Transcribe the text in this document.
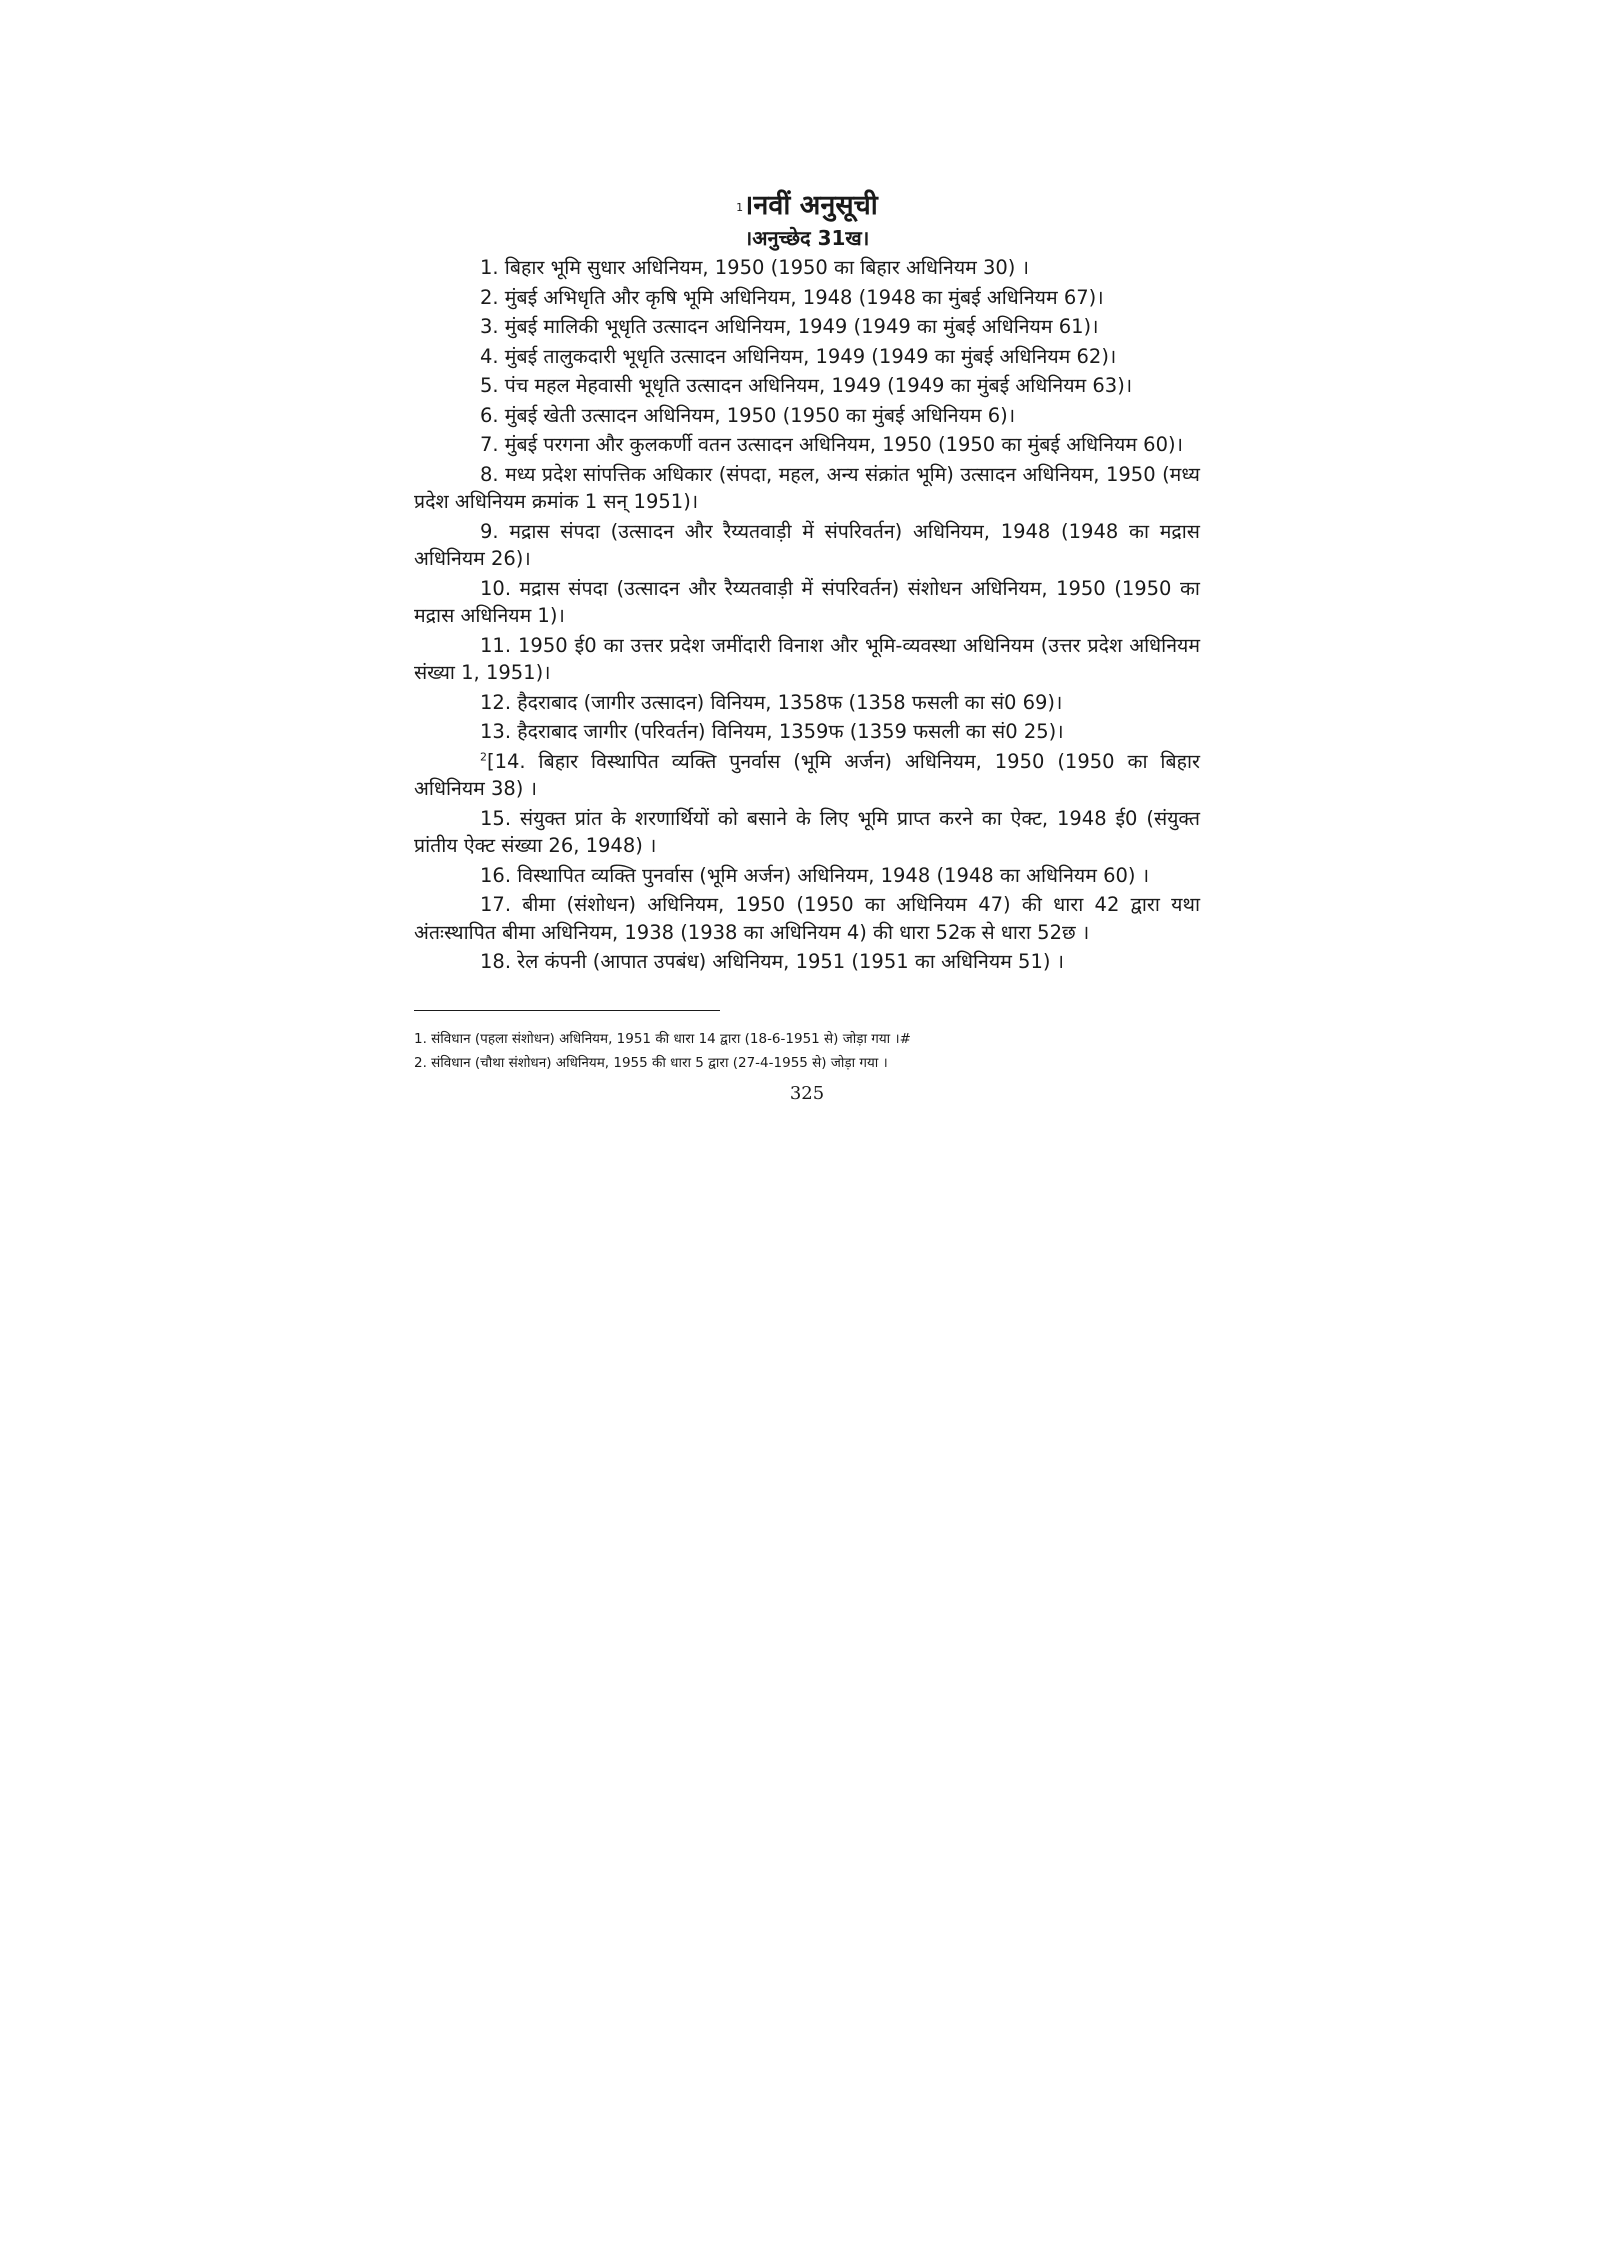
$^1$।नवीं अनुसूची
।अनुच्छेद 31ख।
1. बिहार भूमि सुधार अधिनियम, 1950 (1950 का बिहार अधिनियम 30) ।
2. मुंबई अभिधृति और कृषि भूमि अधिनियम, 1948 (1948 का मुंबई अधिनियम 67)।
3. मुंबई मालिकी भूधृति उत्सादन अधिनियम, 1949 (1949 का मुंबई अधिनियम 61)।
4. मुंबई तालुकदारी भूधृति उत्सादन अधिनियम, 1949 (1949 का मुंबई अधिनियम 62)।
5. पंच महल मेहवासी भूधृति उत्सादन अधिनियम, 1949 (1949 का मुंबई अधिनियम 63)।
6. मुंबई खेती उत्सादन अधिनियम, 1950 (1950 का मुंबई अधिनियम 6)।
7. मुंबई परगना और कुलकर्णी वतन उत्सादन अधिनियम, 1950 (1950 का मुंबई अधिनियम 60)।
8. मध्य प्रदेश सांपत्तिक अधिकार (संपदा, महल, अन्य संक्रांत भूमि) उत्सादन अधिनियम, 1950 (मध्य प्रदेश अधिनियम क्रमांक 1 सन् 1951)।
9. मद्रास संपदा (उत्सादन और रैय्यतवाड़ी में संपरिवर्तन) अधिनियम, 1948 (1948 का मद्रास अधिनियम 26)।
10. मद्रास संपदा (उत्सादन और रैय्यतवाड़ी में संपरिवर्तन) संशोधन अधिनियम, 1950 (1950 का मद्रास अधिनियम 1)।
11. 1950 ई0 का उत्तर प्रदेश जमींदारी विनाश और भूमि-व्यवस्था अधिनियम (उत्तर प्रदेश अधिनियम संख्या 1, 1951)।
12. हैदराबाद (जागीर उत्सादन) विनियम, 1358फ (1358 फसली का सं0 69)।
13. हैदराबाद जागीर (परिवर्तन) विनियम, 1359फ (1359 फसली का सं0 25)।
$^2$[14. बिहार विस्थापित व्यक्ति पुनर्वास (भूमि अर्जन) अधिनियम, 1950 (1950 का बिहार अधिनियम 38) ।
15. संयुक्त प्रांत के शरणार्थियों को बसाने के लिए भूमि प्राप्त करने का ऐक्ट, 1948 ई0 (संयुक्त प्रांतीय ऐक्ट संख्या 26, 1948) ।
16. विस्थापित व्यक्ति पुनर्वास (भूमि अर्जन) अधिनियम, 1948 (1948 का अधिनियम 60) ।
17. बीमा (संशोधन) अधिनियम, 1950 (1950 का अधिनियम 47) की धारा 42 द्वारा यथा अंतःस्थापित बीमा अधिनियम, 1938 (1938 का अधिनियम 4) की धारा 52क से धारा 52छ ।
18. रेल कंपनी (आपात उपबंध) अधिनियम, 1951 (1951 का अधिनियम 51) ।

1. संविधान (पहला संशोधन) अधिनियम, 1951 की धारा 14 द्वारा (18-6-1951 से) जोड़ा गया ।#

2. संविधान (चौथा संशोधन) अधिनियम, 1955 की धारा 5 द्वारा (27-4-1955 से) जोड़ा गया ।

325
